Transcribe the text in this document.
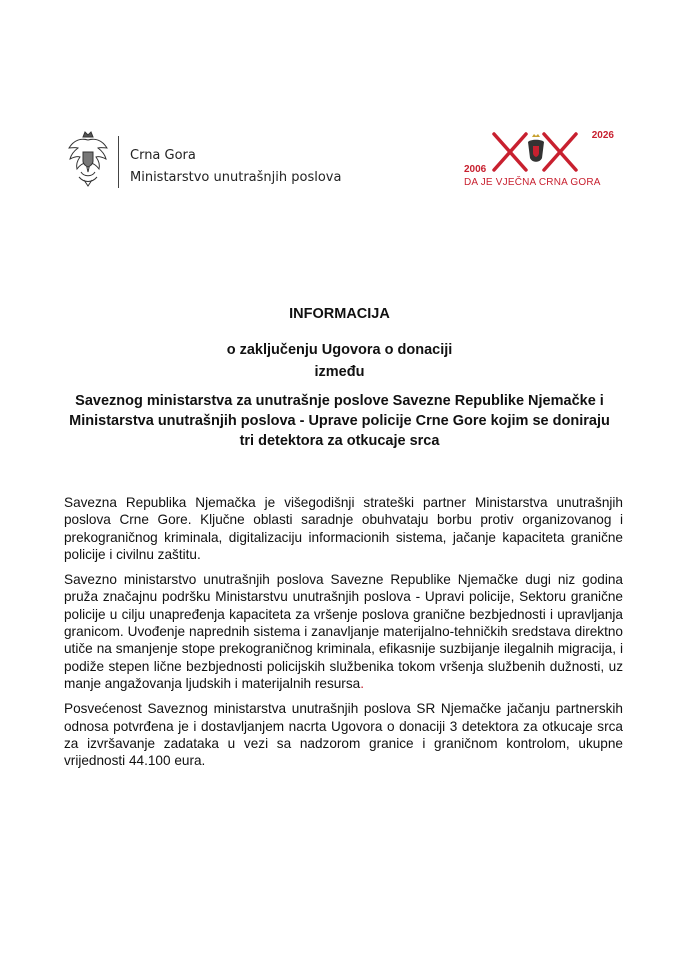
Crna Gora
Ministarstvo unutrašnjih poslova
2006
2026
DA JE VJEČNA CRNA GORA

INFORMACIJA

o zaključenju Ugovora o donaciji

između

Saveznog ministarstva za unutrašnje poslove Savezne Republike Njemačke i Ministarstva unutrašnjih poslova - Uprave policije Crne Gore kojim se doniraju tri detektora za otkucaje srca

Savezna Republika Njemačka je višegodišnji strateški partner Ministarstva unutrašnjih poslova Crne Gore. Ključne oblasti saradnje obuhvataju borbu protiv organizovanog i prekograničnog kriminala, digitalizaciju informacionih sistema, jačanje kapaciteta granične policije i civilnu zaštitu.

Savezno ministarstvo unutrašnjih poslova Savezne Republike Njemačke dugi niz godina pruža značajnu podršku Ministarstvu unutrašnjih poslova - Upravi policije, Sektoru granične policije u cilju unapređenja kapaciteta za vršenje poslova granične bezbjednosti i upravljanja granicom. Uvođenje naprednih sistema i zanavljanje materijalno-tehničkih sredstava direktno utiče na smanjenje stope prekograničnog kriminala, efikasnije suzbijanje ilegalnih migracija, i podiže stepen lične bezbjednosti policijskih službenika tokom vršenja službenih dužnosti, uz manje angažovanja ljudskih i materijalnih resursa.

Posvećenost Saveznog ministarstva unutrašnjih poslova SR Njemačke jačanju partnerskih odnosa potvrđena je i dostavljanjem nacrta Ugovora o donaciji 3 detektora za otkucaje srca za izvršavanje zadataka u vezi sa nadzorom granice i graničnom kontrolom, ukupne vrijednosti 44.100 eura.
